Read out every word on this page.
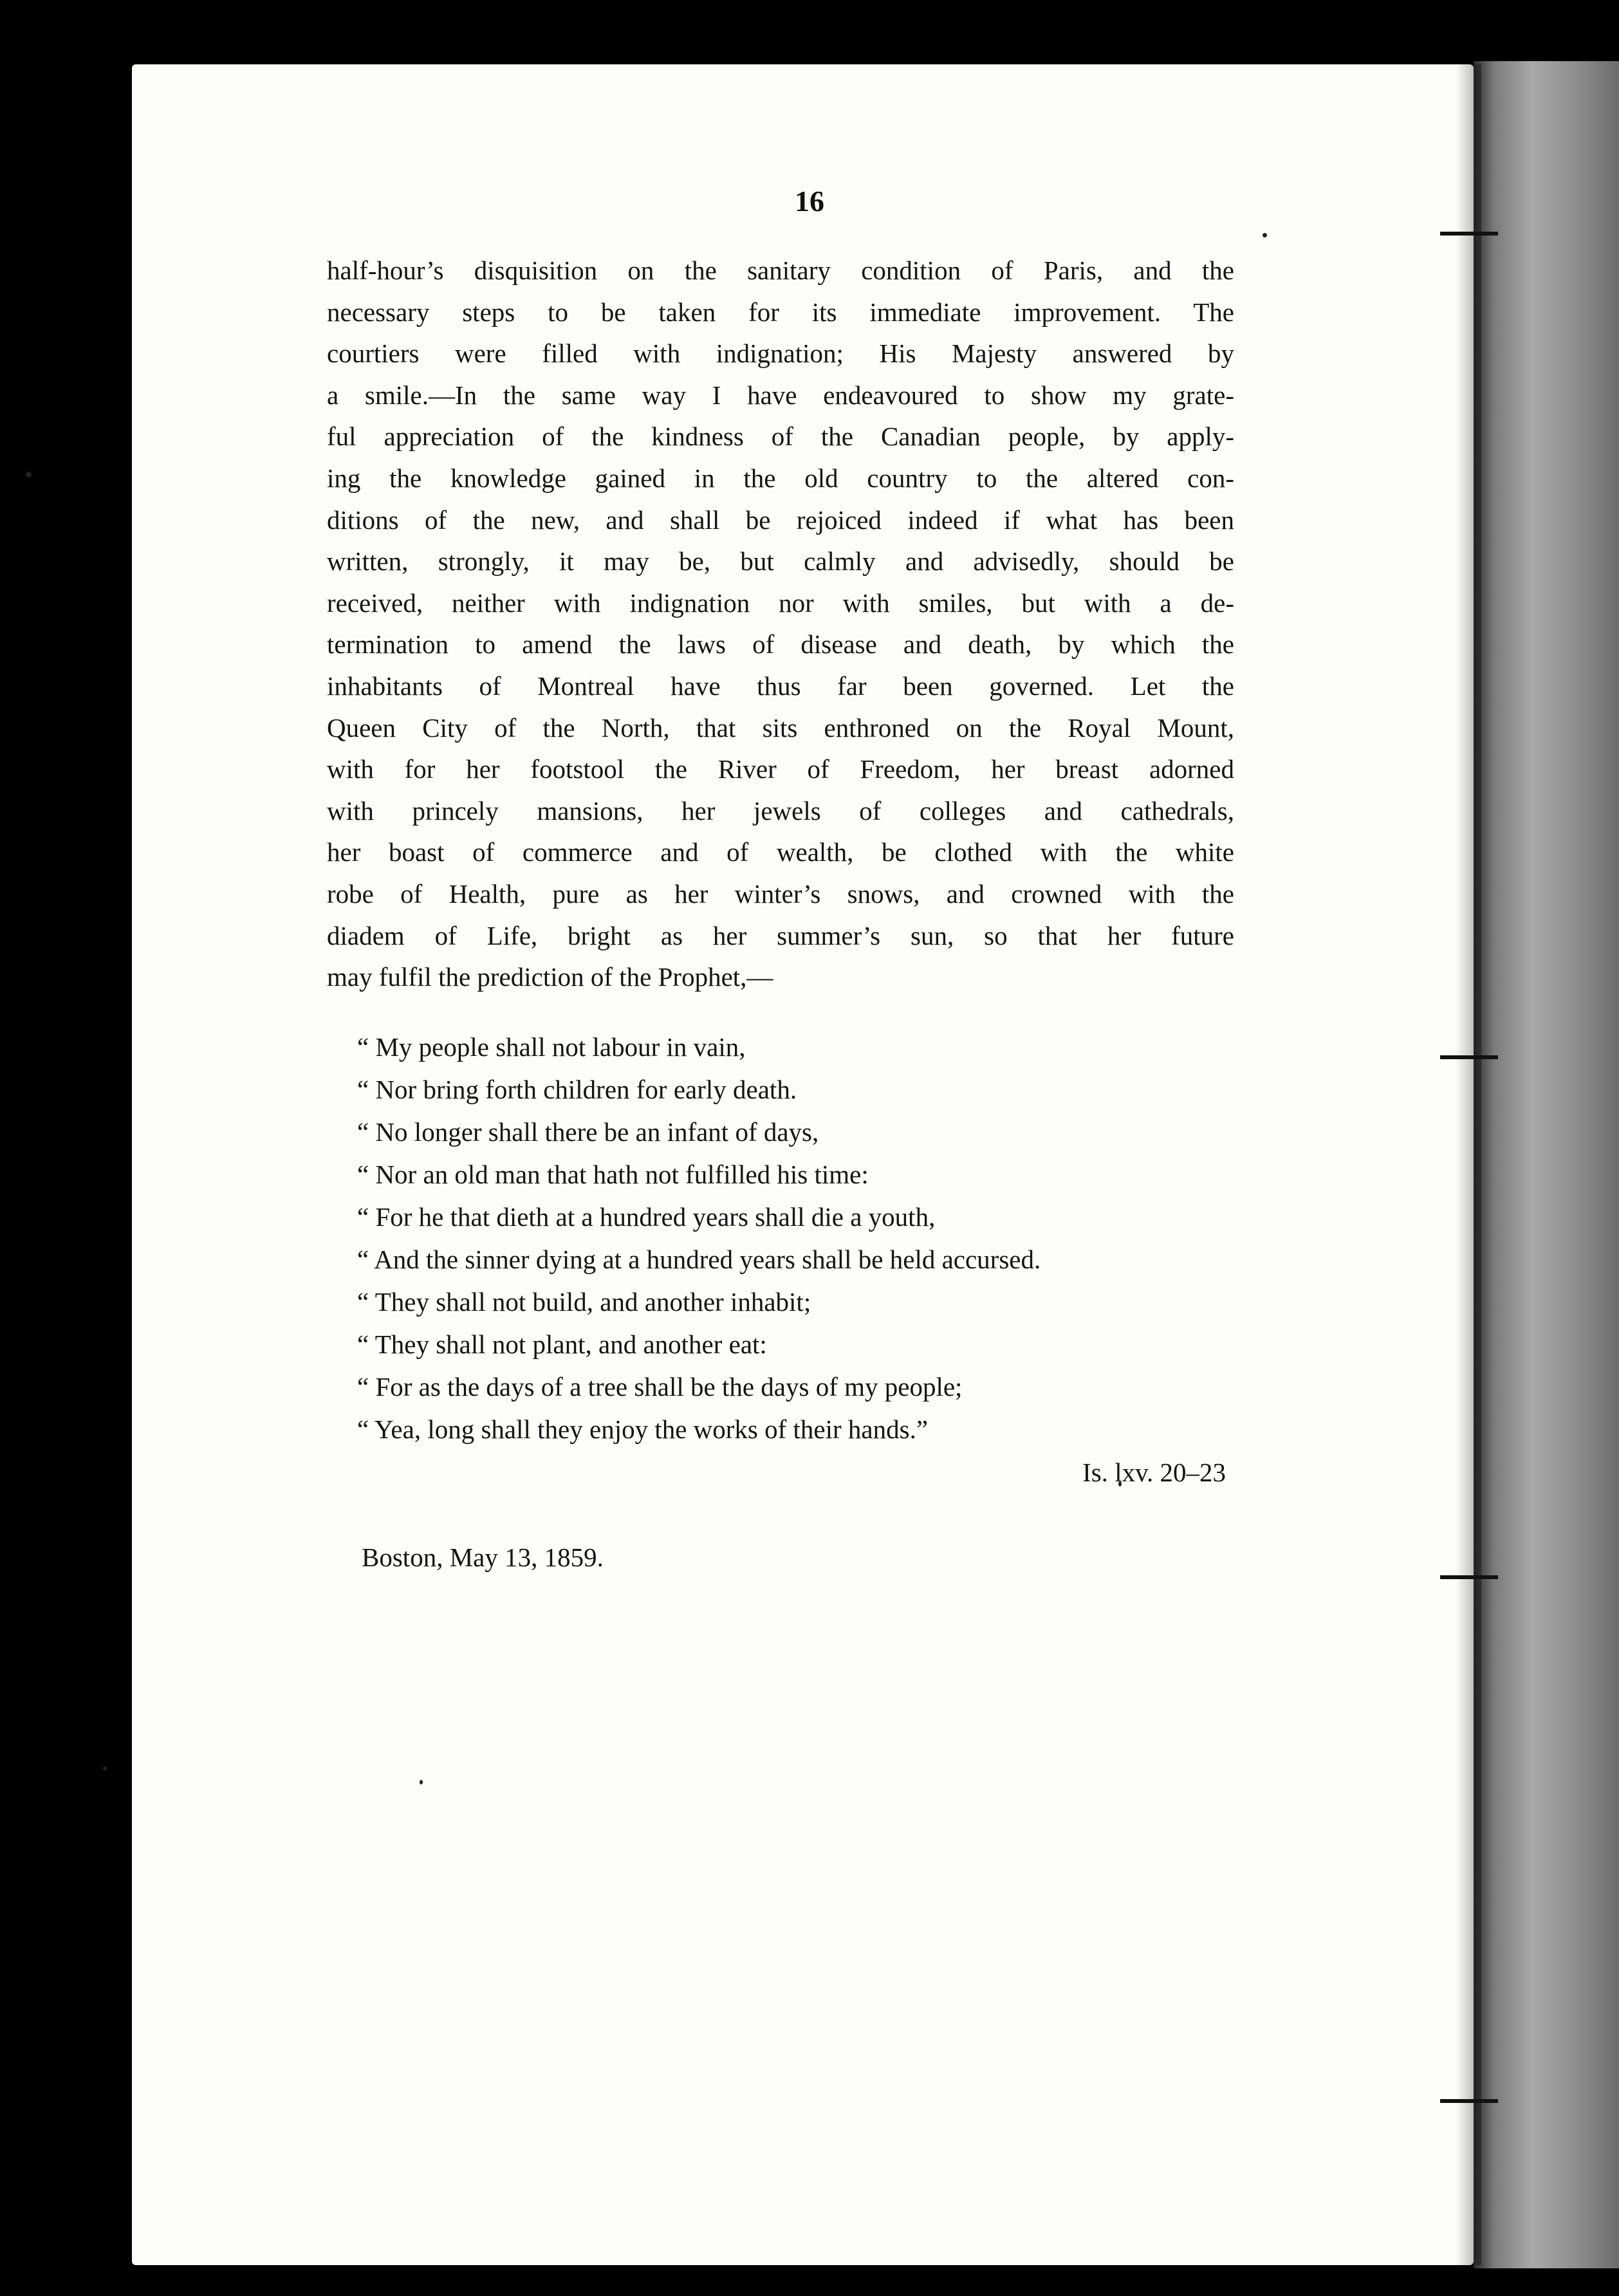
16

half-hour’s disquisition on the sanitary condition of Paris, and the
necessary steps to be taken for its immediate improvement. The
courtiers were filled with indignation; His Majesty answered by
a smile.—In the same way I have endeavoured to show my grate-
ful appreciation of the kindness of the Canadian people, by apply-
ing the knowledge gained in the old country to the altered con-
ditions of the new, and shall be rejoiced indeed if what has been
written, strongly, it may be, but calmly and advisedly, should be
received, neither with indignation nor with smiles, but with a de-
termination to amend the laws of disease and death, by which the
inhabitants of Montreal have thus far been governed. Let the
Queen City of the North, that sits enthroned on the Royal Mount,
with for her footstool the River of Freedom, her breast adorned
with princely mansions, her jewels of colleges and cathedrals,
her boast of commerce and of wealth, be clothed with the white
robe of Health, pure as her winter’s snows, and crowned with the
diadem of Life, bright as her summer’s sun, so that her future
may fulfil the prediction of the Prophet,—

“ My people shall not labour in vain,
“ Nor bring forth children for early death.
“ No longer shall there be an infant of days,
“ Nor an old man that hath not fulfilled his time:
“ For he that dieth at a hundred years shall die a youth,
“ And the sinner dying at a hundred years shall be held accursed.
“ They shall not build, and another inhabit;
“ They shall not plant, and another eat:
“ For as the days of a tree shall be the days of my people;
“ Yea, long shall they enjoy the works of their hands.”
Is. lxv. 20–23
Boston, May 13, 1859.
